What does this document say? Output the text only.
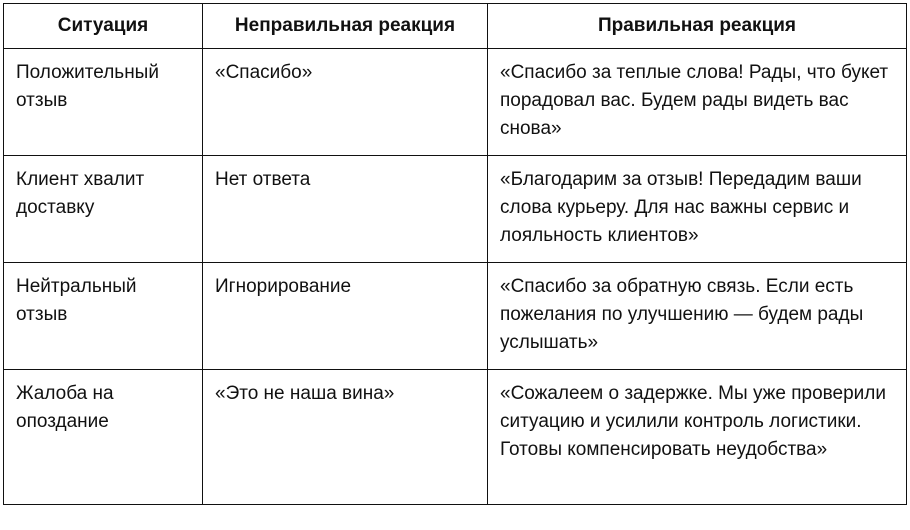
Ситуация	Неправильная реакция	Правильная реакция
Положительный отзыв	«Спасибо»	«Спасибо за теплые слова! Рады, что букет порадовал вас. Будем рады видеть вас снова»
Клиент хвалит доставку	Нет ответа	«Благодарим за отзыв! Передадим ваши слова курьеру. Для нас важны сервис и лояльность клиентов»
Нейтральный отзыв	Игнорирование	«Спасибо за обратную связь. Если есть пожелания по улучшению — будем рады услышать»
Жалоба на опоздание	«Это не наша вина»	«Сожалеем о задержке. Мы уже проверили ситуацию и усилили контроль логистики. Готовы компенсировать неудобства»
